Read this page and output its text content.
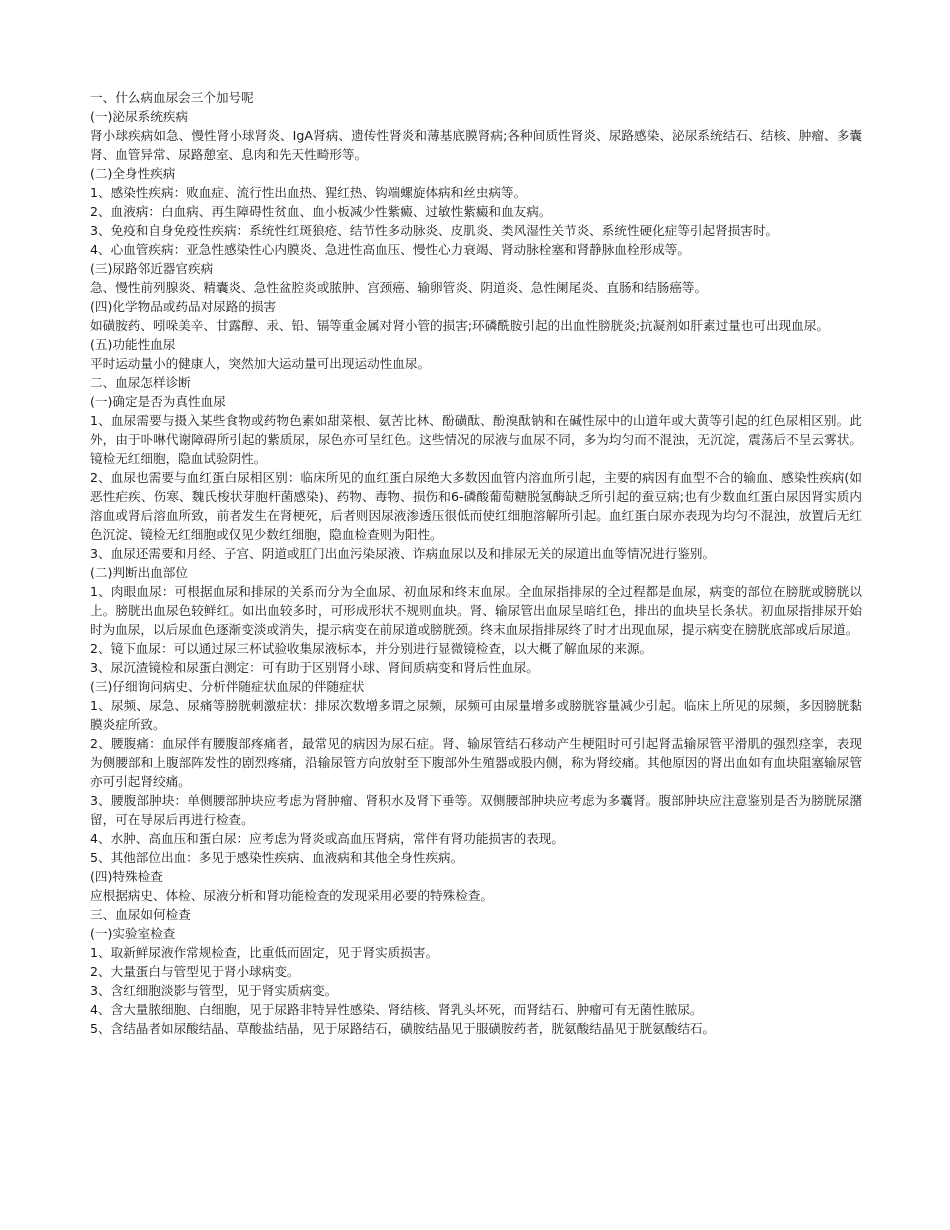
一、什么病血尿会三个加号呢

(一)泌尿系统疾病

肾小球疾病如急、慢性肾小球肾炎、IgA肾病、遗传性肾炎和薄基底膜肾病;各种间质性肾炎、尿路感染、泌尿系统结石、结核、肿瘤、多囊肾、血管异常、尿路憩室、息肉和先天性畸形等。

(二)全身性疾病

1、感染性疾病：败血症、流行性出血热、猩红热、钩端螺旋体病和丝虫病等。

2、血液病：白血病、再生障碍性贫血、血小板减少性紫癜、过敏性紫癜和血友病。

3、免疫和自身免疫性疾病：系统性红斑狼疮、结节性多动脉炎、皮肌炎、类风湿性关节炎、系统性硬化症等引起肾损害时。

4、心血管疾病：亚急性感染性心内膜炎、急进性高血压、慢性心力衰竭、肾动脉栓塞和肾静脉血栓形成等。

(三)尿路邻近器官疾病

急、慢性前列腺炎、精囊炎、急性盆腔炎或脓肿、宫颈癌、输卵管炎、阴道炎、急性阑尾炎、直肠和结肠癌等。

(四)化学物品或药品对尿路的损害

如磺胺药、吲哚美辛、甘露醇、汞、铅、镉等重金属对肾小管的损害;环磷酰胺引起的出血性膀胱炎;抗凝剂如肝素过量也可出现血尿。

(五)功能性血尿

平时运动量小的健康人，突然加大运动量可出现运动性血尿。

二、血尿怎样诊断

(一)确定是否为真性血尿

1、血尿需要与摄入某些食物或药物色素如甜菜根、氨苦比林、酚磺酞、酚溴酞钠和在碱性尿中的山道年或大黄等引起的红色尿相区别。此外，由于卟啉代谢障碍所引起的紫质尿，尿色亦可呈红色。这些情况的尿液与血尿不同，多为均匀而不混浊，无沉淀，震荡后不呈云雾状。镜检无红细胞，隐血试验阴性。

2、血尿也需要与血红蛋白尿相区别：临床所见的血红蛋白尿绝大多数因血管内溶血所引起，主要的病因有血型不合的输血、感染性疾病(如恶性疟疾、伤寒、魏氏梭状芽胞杆菌感染)、药物、毒物、损伤和6-磷酸葡萄糖脱氢酶缺乏所引起的蚕豆病;也有少数血红蛋白尿因肾实质内溶血或肾后溶血所致，前者发生在肾梗死，后者则因尿液渗透压很低而使红细胞溶解所引起。血红蛋白尿亦表现为均匀不混浊，放置后无红色沉淀、镜检无红细胞或仅见少数红细胞，隐血检查则为阳性。

3、血尿还需要和月经、子宫、阴道或肛门出血污染尿液、诈病血尿以及和排尿无关的尿道出血等情况进行鉴别。

(二)判断出血部位

1、肉眼血尿：可根据血尿和排尿的关系而分为全血尿、初血尿和终末血尿。全血尿指排尿的全过程都是血尿，病变的部位在膀胱或膀胱以上。膀胱出血尿色较鲜红。如出血较多时，可形成形状不规则血块。肾、输尿管出血尿呈暗红色，排出的血块呈长条状。初血尿指排尿开始时为血尿，以后尿血色逐渐变淡或消失，提示病变在前尿道或膀胱颈。终末血尿指排尿终了时才出现血尿，提示病变在膀胱底部或后尿道。

2、镜下血尿：可以通过尿三杯试验收集尿液标本，并分别进行显微镜检查，以大概了解血尿的来源。

3、尿沉渣镜检和尿蛋白测定：可有助于区别肾小球、肾间质病变和肾后性血尿。

(三)仔细询问病史、分析伴随症状血尿的伴随症状

1、尿频、尿急、尿痛等膀胱刺激症状：排尿次数增多谓之尿频，尿频可由尿量增多或膀胱容量减少引起。临床上所见的尿频，多因膀胱黏膜炎症所致。

2、腰腹痛：血尿伴有腰腹部疼痛者，最常见的病因为尿石症。肾、输尿管结石移动产生梗阻时可引起肾盂输尿管平滑肌的强烈痉挛，表现为侧腰部和上腹部阵发性的剧烈疼痛，沿输尿管方向放射至下腹部外生殖器或股内侧，称为肾绞痛。其他原因的肾出血如有血块阻塞输尿管亦可引起肾绞痛。

3、腰腹部肿块：单侧腰部肿块应考虑为肾肿瘤、肾积水及肾下垂等。双侧腰部肿块应考虑为多囊肾。腹部肿块应注意鉴别是否为膀胱尿潴留，可在导尿后再进行检查。

4、水肿、高血压和蛋白尿：应考虑为肾炎或高血压肾病，常伴有肾功能损害的表现。

5、其他部位出血：多见于感染性疾病、血液病和其他全身性疾病。

(四)特殊检查

应根据病史、体检、尿液分析和肾功能检查的发现采用必要的特殊检查。

三、血尿如何检查

(一)实验室检查

1、取新鲜尿液作常规检查，比重低而固定，见于肾实质损害。

2、大量蛋白与管型见于肾小球病变。

3、含红细胞淡影与管型，见于肾实质病变。

4、含大量脓细胞、白细胞，见于尿路非特异性感染、肾结核、肾乳头坏死，而肾结石、肿瘤可有无菌性脓尿。

5、含结晶者如尿酸结晶、草酸盐结晶，见于尿路结石，磺胺结晶见于服磺胺药者，胱氨酸结晶见于胱氨酸结石。
